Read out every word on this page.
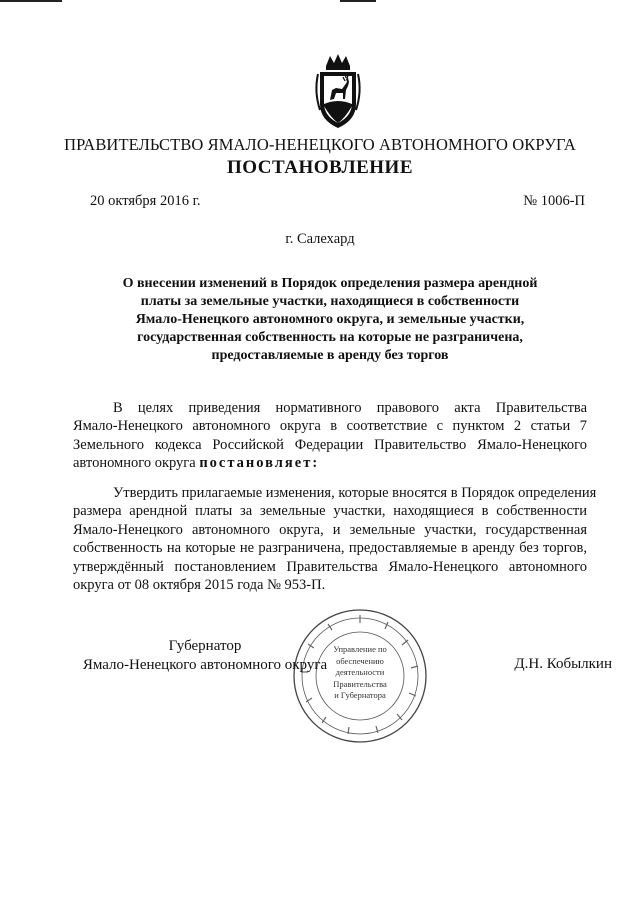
ПРАВИТЕЛЬСТВО ЯМАЛО-НЕНЕЦКОГО АВТОНОМНОГО ОКРУГА
ПОСТАНОВЛЕНИЕ
20 октября 2016 г.	№ 1006-П
г. Салехард
О внесении изменений в Порядок определения размера арендной
платы за земельные участки, находящиеся в собственности
Ямало-Ненецкого автономного округа, и земельные участки,
государственная собственность на которые не разграничена,
предоставляемые в аренду без торгов
В целях приведения нормативного правового акта Правительства
Ямало-Ненецкого автономного округа в соответствие с пунктом 2 статьи 7
Земельного кодекса Российской Федерации Правительство Ямало-Ненецкого
автономного округа постановляет:
Утвердить прилагаемые изменения, которые вносятся в Порядок определения
размера арендной платы за земельные участки, находящиеся в собственности
Ямало-Ненецкого автономного округа, и земельные участки, государственная
собственность на которые не разграничена, предоставляемые в аренду без торгов,
утверждённый постановлением Правительства Ямало-Ненецкого автономного
округа от 08 октября 2015 года № 953-П.
Управление по
обеспечению
деятельности
Правительства
и Губернатора
Губернатор
Ямало-Ненецкого автономного округа	Д.Н. Кобылкин
